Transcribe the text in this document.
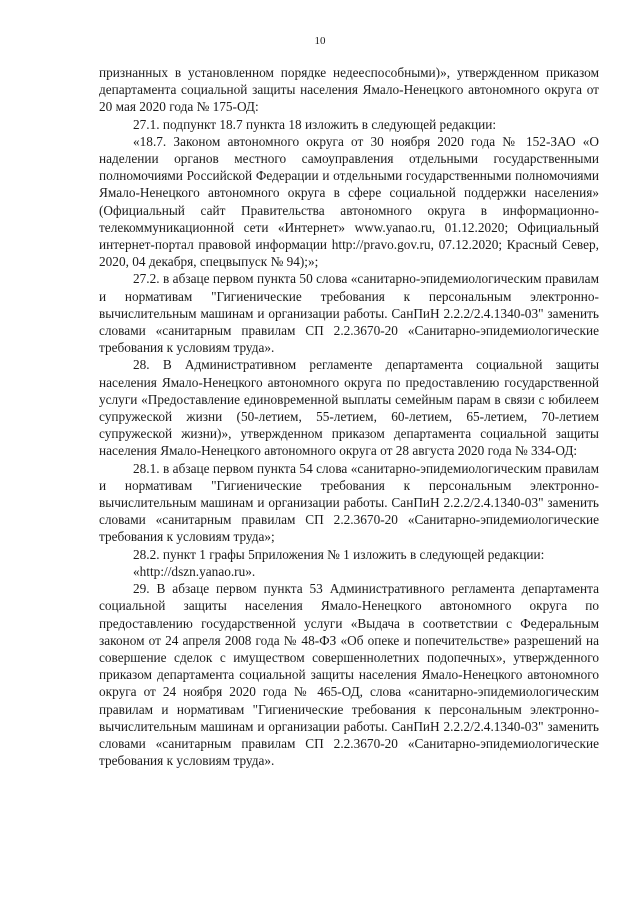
10

признанных в установленном порядке недееспособными)», утвержденном приказом департамента социальной защиты населения Ямало-Ненецкого автономного округа от 20 мая 2020 года № 175-ОД:

27.1. подпункт 18.7 пункта 18 изложить в следующей редакции:

«18.7. Законом автономного округа от 30 ноября 2020 года № 152-ЗАО «О наделении органов местного самоуправления отдельными государственными полномочиями Российской Федерации и отдельными государственными полномочиями Ямало-Ненецкого автономного округа в сфере социальной поддержки населения» (Официальный сайт Правительства автономного округа в информационно-телекоммуникационной сети «Интернет» www.yanao.ru, 01.12.2020; Официальный интернет-портал правовой информации http://pravo.gov.ru, 07.12.2020; Красный Север, 2020, 04 декабря, спецвыпуск № 94);»;

27.2. в абзаце первом пункта 50 слова «санитарно-эпидемиологическим правилам и нормативам "Гигиенические требования к персональным электронно-вычислительным машинам и организации работы. СанПиН 2.2.2/2.4.1340-03" заменить словами «санитарным правилам СП 2.2.3670-20 «Санитарно-эпидемиологические требования к условиям труда».

28. В Административном регламенте департамента социальной защиты населения Ямало-Ненецкого автономного округа по предоставлению государственной услуги «Предоставление единовременной выплаты семейным парам в связи с юбилеем супружеской жизни (50-летием, 55-летием, 60-летием, 65-летием, 70-летием супружеской жизни)», утвержденном приказом департамента социальной защиты населения Ямало-Ненецкого автономного округа от 28 августа 2020 года № 334-ОД:

28.1. в абзаце первом пункта 54 слова «санитарно-эпидемиологическим правилам и нормативам "Гигиенические требования к персональным электронно-вычислительным машинам и организации работы. СанПиН 2.2.2/2.4.1340-03" заменить словами «санитарным правилам СП 2.2.3670-20 «Санитарно-эпидемиологические требования к условиям труда»;

28.2. пункт 1 графы 5приложения № 1 изложить в следующей редакции:

«http://dszn.yanao.ru».

29. В абзаце первом пункта 53 Административного регламента департамента социальной защиты населения Ямало-Ненецкого автономного округа по предоставлению государственной услуги «Выдача в соответствии с Федеральным законом от 24 апреля 2008 года № 48-ФЗ «Об опеке и попечительстве» разрешений на совершение сделок с имуществом совершеннолетних подопечных», утвержденного приказом департамента социальной защиты населения Ямало-Ненецкого автономного округа от 24 ноября 2020 года № 465-ОД, слова «санитарно-эпидемиологическим правилам и нормативам "Гигиенические требования к персональным электронно-вычислительным машинам и организации работы. СанПиН 2.2.2/2.4.1340-03" заменить словами «санитарным правилам СП 2.2.3670-20 «Санитарно-эпидемиологические требования к условиям труда».
